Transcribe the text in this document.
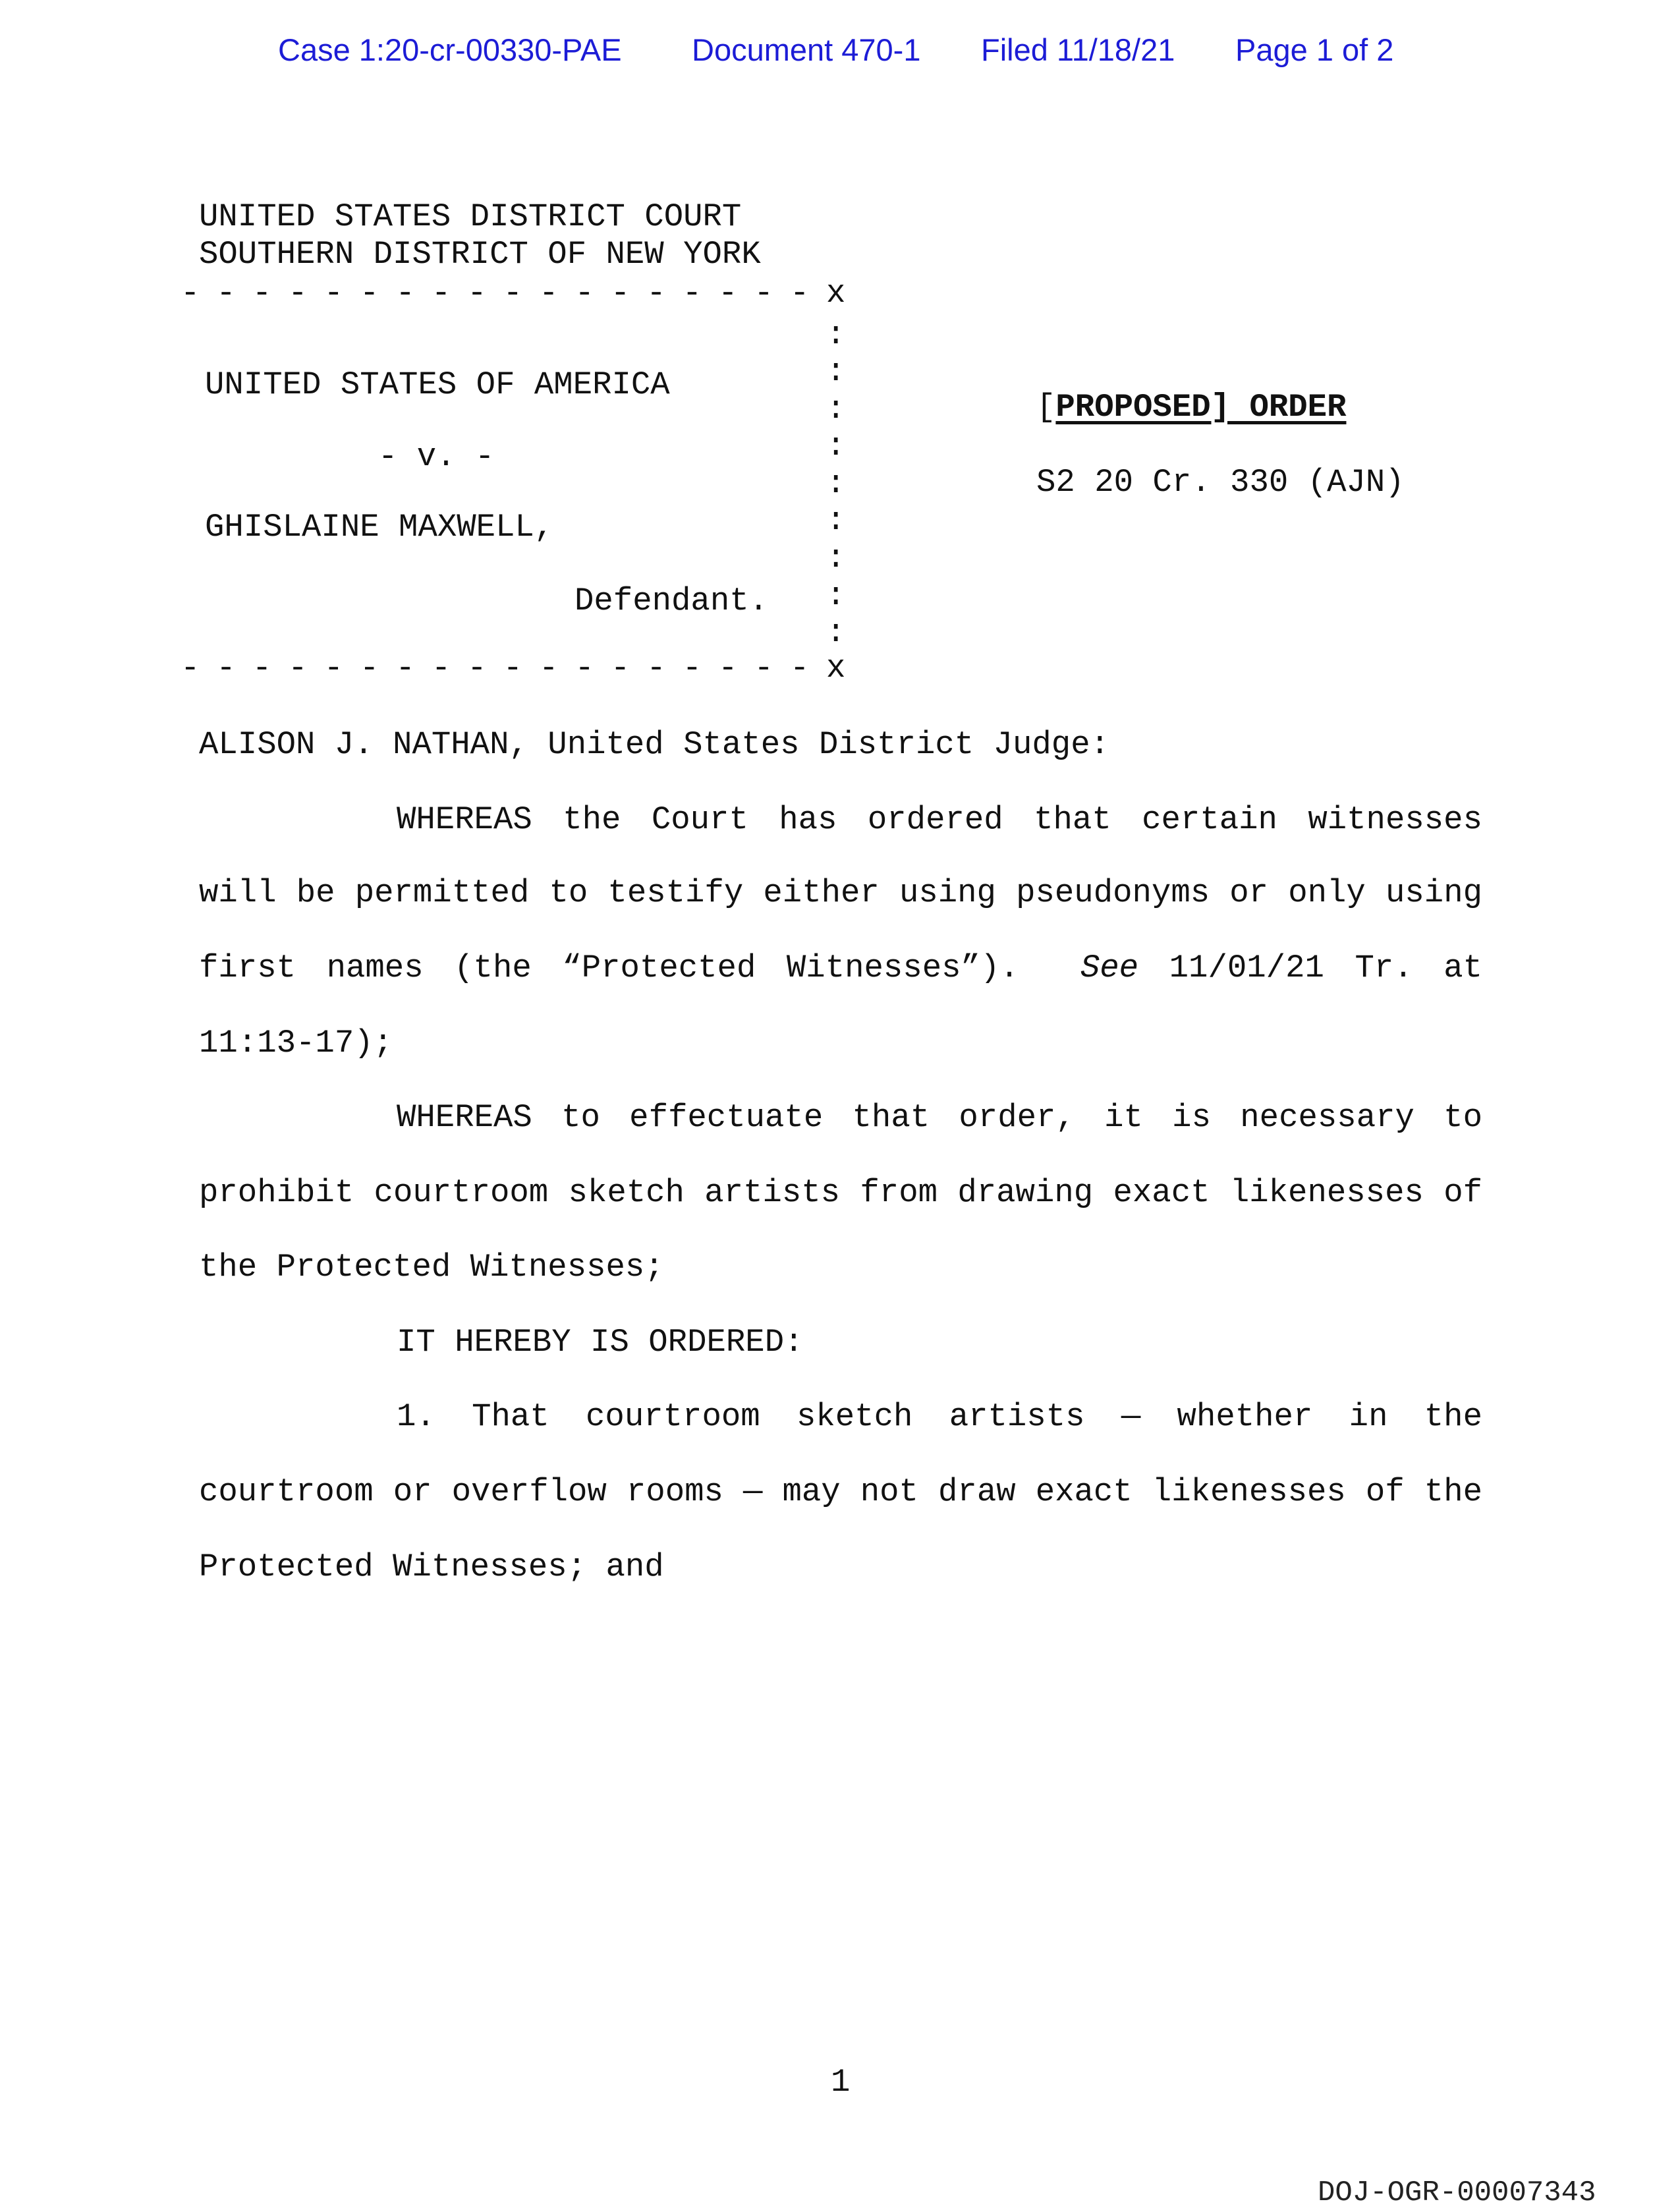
Case 1:20-cr-00330-PAE Document 470-1 Filed 11/18/21 Page 1 of 2
UNITED STATES DISTRICT COURT
SOUTHERN DISTRICT OF NEW YORK
- - - - - - - - - - - - - - - - - - x
:
:
:
:
:
:
:
:
:
- - - - - - - - - - - - - - - - - - x
UNITED STATES OF AMERICA
- v. -
GHISLAINE MAXWELL,
Defendant.
[PROPOSED] ORDER
S2 20 Cr. 330 (AJN)
ALISON J. NATHAN, United States District Judge:
WHEREAS the Court has ordered that certain witnesses
will be permitted to testify either using pseudonyms or only using
first names (the “Protected Witnesses”). See 11/01/21 Tr. at
11:13-17);
WHEREAS to effectuate that order, it is necessary to
prohibit courtroom sketch artists from drawing exact likenesses of
the Protected Witnesses;
IT HEREBY IS ORDERED:
1. That courtroom sketch artists — whether in the
courtroom or overflow rooms — may not draw exact likenesses of the
Protected Witnesses; and
1
DOJ-OGR-00007343
